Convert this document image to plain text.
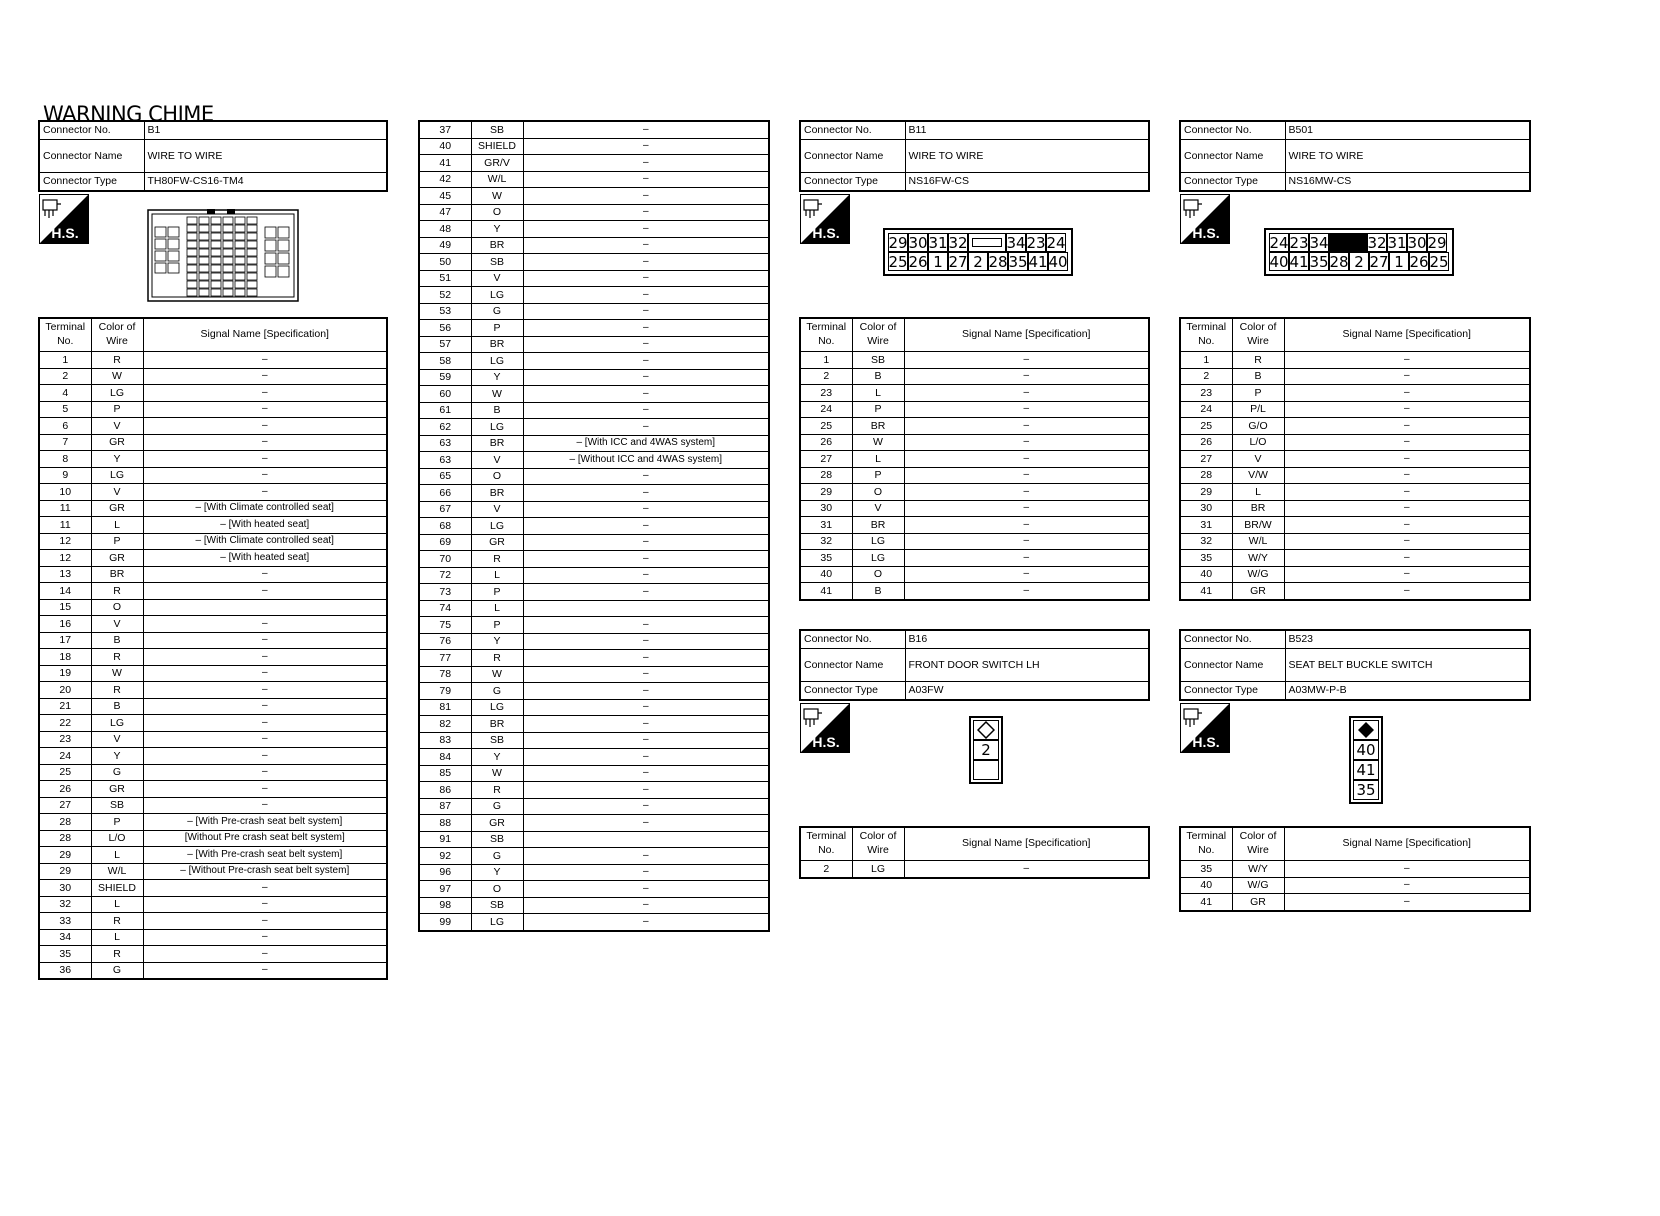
WARNING CHIME
Connector No.	B1
Connector Name	WIRE TO WIRE
Connector Type	TH80FW-CS16-TM4
H.S.
Terminal No.	Color of Wire	Signal Name [Specification]
1	R	–
2	W	–
4	LG	–
5	P	–
6	V	–
7	GR	–
8	Y	–
9	LG	–
10	V	–
11	GR	– [With Climate controlled seat]
11	L	– [With heated seat]
12	P	– [With Climate controlled seat]
12	GR	– [With heated seat]
13	BR	–
14	R	–
15	O	
16	V	–
17	B	–
18	R	–
19	W	–
20	R	–
21	B	–
22	LG	–
23	V	–
24	Y	–
25	G	–
26	GR	–
27	SB	–
28	P	– [With Pre-crash seat belt system]
28	L/O	[Without Pre crash seat belt system]
29	L	– [With Pre-crash seat belt system]
29	W/L	– [Without Pre-crash seat belt system]
30	SHIELD	–
32	L	–
33	R	–
34	L	–
35	R	–
36	G	–
37	SB	–
40	SHIELD	–
41	GR/V	–
42	W/L	–
45	W	–
47	O	–
48	Y	–
49	BR	–
50	SB	–
51	V	–
52	LG	–
53	G	–
56	P	–
57	BR	–
58	LG	–
59	Y	–
60	W	–
61	B	–
62	LG	–
63	BR	– [With ICC and 4WAS system]
63	V	– [Without ICC and 4WAS system]
65	O	–
66	BR	–
67	V	–
68	LG	–
69	GR	–
70	R	–
72	L	–
73	P	–
74	L	
75	P	–
76	Y	–
77	R	–
78	W	–
79	G	–
81	LG	–
82	BR	–
83	SB	–
84	Y	–
85	W	–
86	R	–
87	G	–
88	GR	–
91	SB	
92	G	–
96	Y	–
97	O	–
98	SB	–
99	LG	–
Connector No.	B11
Connector Name	WIRE TO WIRE
Connector Type	NS16FW-CS
H.S.
29 30 31 32	34 23 24
25 26 1 27 2 28 35 41 40
Terminal No.	Color of Wire	Signal Name [Specification]
1	SB	–
2	B	–
23	L	–
24	P	–
25	BR	–
26	W	–
27	L	–
28	P	–
29	O	–
30	V	–
31	BR	–
32	LG	–
35	LG	–
40	O	–
41	B	–
Connector No.	B501
Connector Name	WIRE TO WIRE
Connector Type	NS16MW-CS
H.S.
24 23 34	32 31 30 29
40 41 35 28 2 27 1 26 25
Terminal No.	Color of Wire	Signal Name [Specification]
1	R	–
2	B	–
23	P	–
24	P/L	–
25	G/O	–
26	L/O	–
27	V	–
28	V/W	–
29	L	–
30	BR	–
31	BR/W	–
32	W/L	–
35	W/Y	–
40	W/G	–
41	GR	–
Connector No.	B16
Connector Name	FRONT DOOR SWITCH LH
Connector Type	A03FW
H.S.	2
Terminal No.	Color of Wire	Signal Name [Specification]
2	LG	–
Connector No.	B523
Connector Name	SEAT BELT BUCKLE SWITCH
Connector Type	A03MW-P-B
H.S.	40
41
35
Terminal No.	Color of Wire	Signal Name [Specification]
35	W/Y	–
40	W/G	–
41	GR	–
